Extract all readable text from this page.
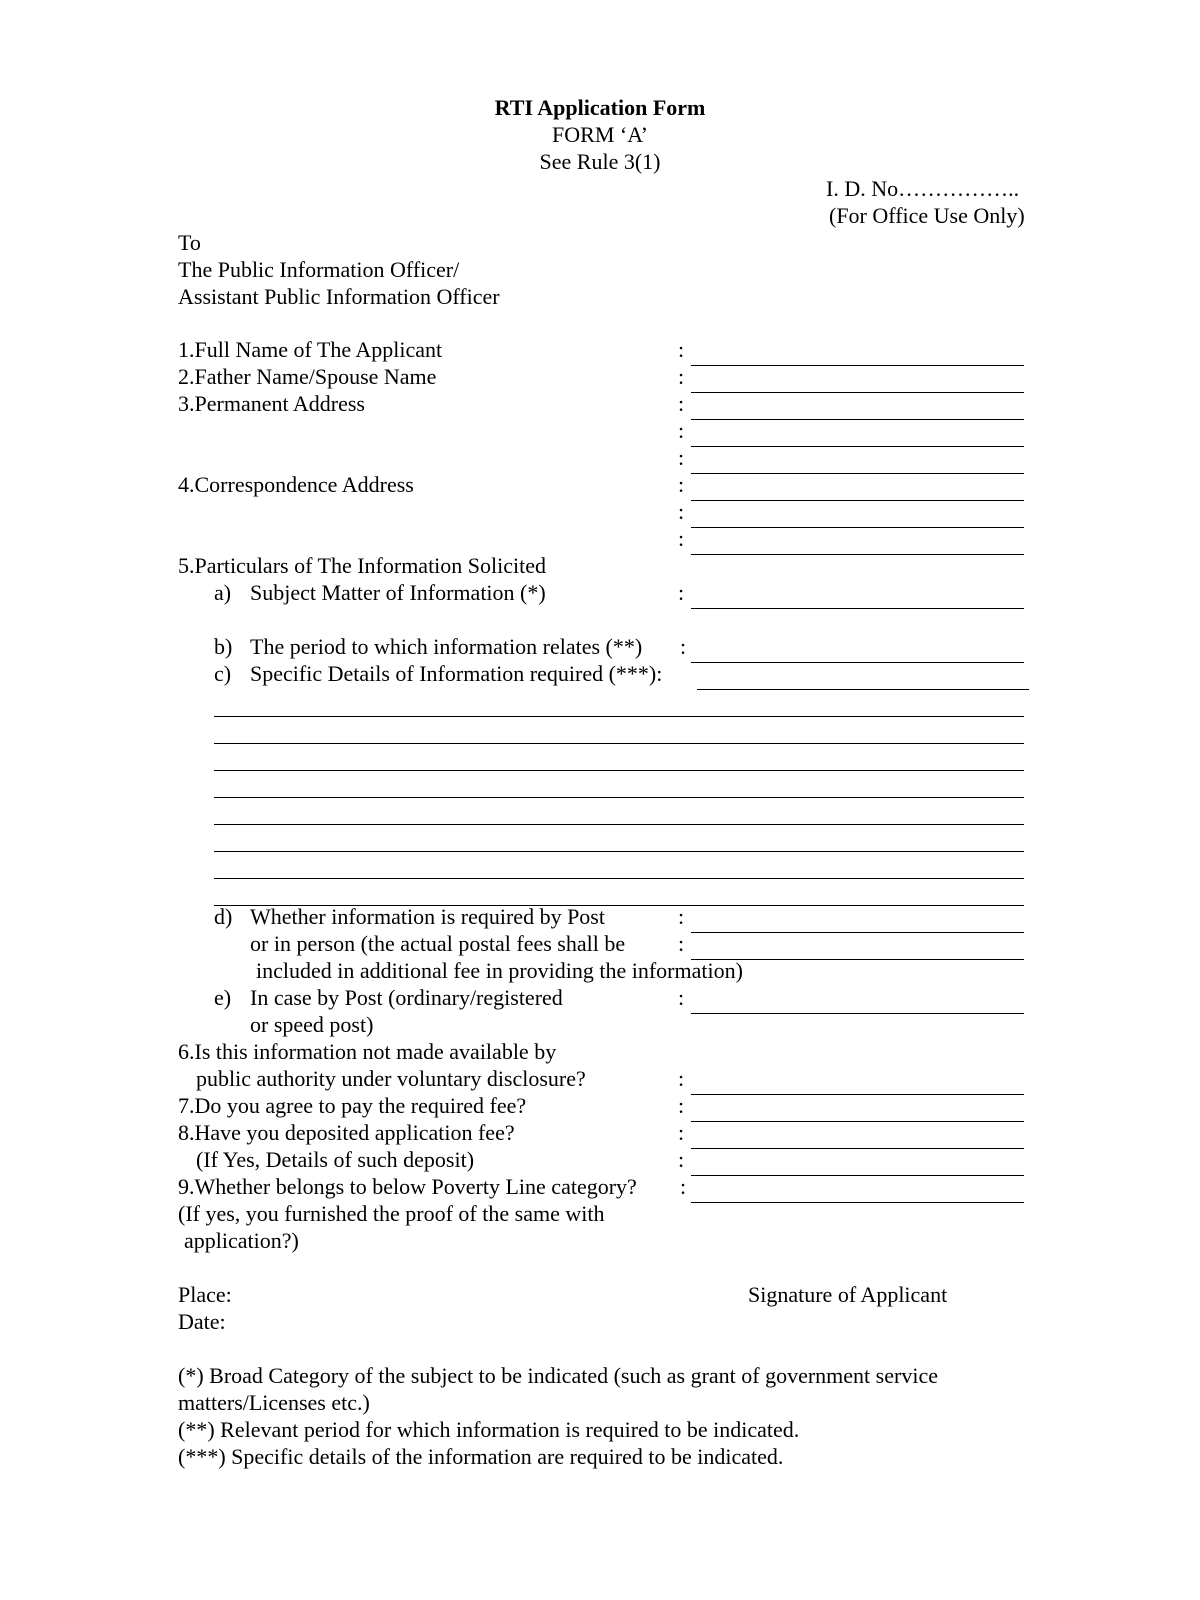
RTI Application Form
FORM ‘A’
See Rule 3(1)
I. D. No……………..
(For Office Use Only)
To
The Public Information Officer/
Assistant Public Information Officer
1.Full Name of The Applicant	:
2.Father Name/Spouse Name	:
3.Permanent Address	:
:
:
4.Correspondence Address	:
:
:
5.Particulars of The Information Solicited
a) Subject Matter of Information (*)	:
b) The period to which information relates (**) :
c) Specific Details of Information required (***):
d) Whether information is required by Post	:
or in person (the actual postal fees shall be :
included in additional fee in providing the information)
e) In case by Post (ordinary/registered	:
or speed post)
6.Is this information not made available by
public authority under voluntary disclosure?	:
7.Do you agree to pay the required fee?	:
8.Have you deposited application fee?	:
(If Yes, Details of such deposit)	:
9.Whether belongs to below Poverty Line category? :
(If yes, you furnished the proof of the same with
application?)
Place:
Date:
Signature of Applicant
(*) Broad Category of the subject to be indicated (such as grant of government service
matters/Licenses etc.)
(**) Relevant period for which information is required to be indicated.
(***) Specific details of the information are required to be indicated.
